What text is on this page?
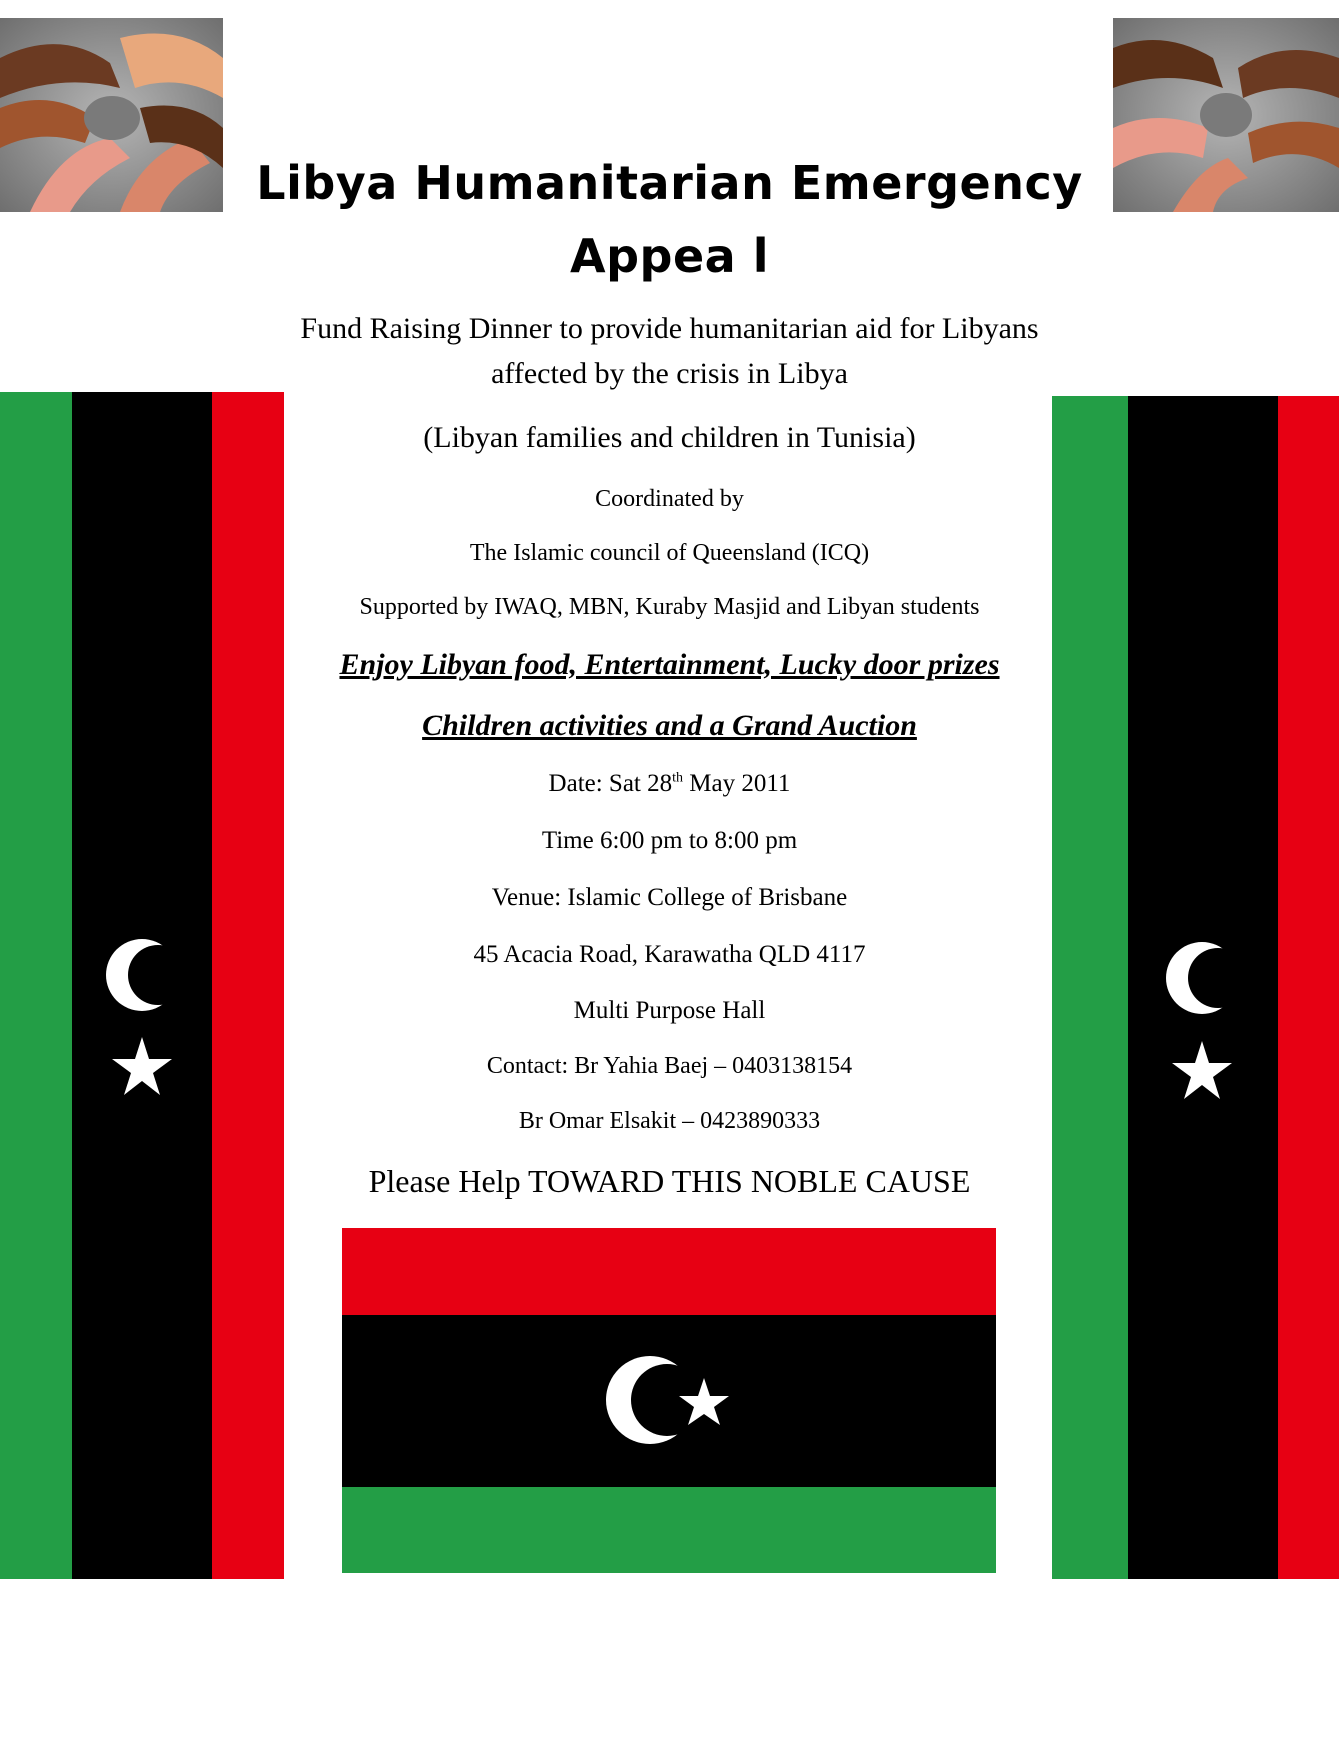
Libya Humanitarian Emergency
Appea l
Fund Raising Dinner to provide humanitarian aid for Libyans
affected by the crisis in Libya
(Libyan families and children in Tunisia)
Coordinated by
The Islamic council of Queensland (ICQ)
Supported by IWAQ, MBN, Kuraby Masjid and Libyan students
Enjoy Libyan food, Entertainment, Lucky door prizes
Children activities and a Grand Auction
Date: Sat 28th May 2011
Time 6:00 pm to 8:00 pm
Venue: Islamic College of Brisbane
45 Acacia Road, Karawatha QLD 4117
Multi Purpose Hall
Contact: Br Yahia Baej – 0403138154
Br Omar Elsakit – 0423890333
Please Help TOWARD THIS NOBLE CAUSE
